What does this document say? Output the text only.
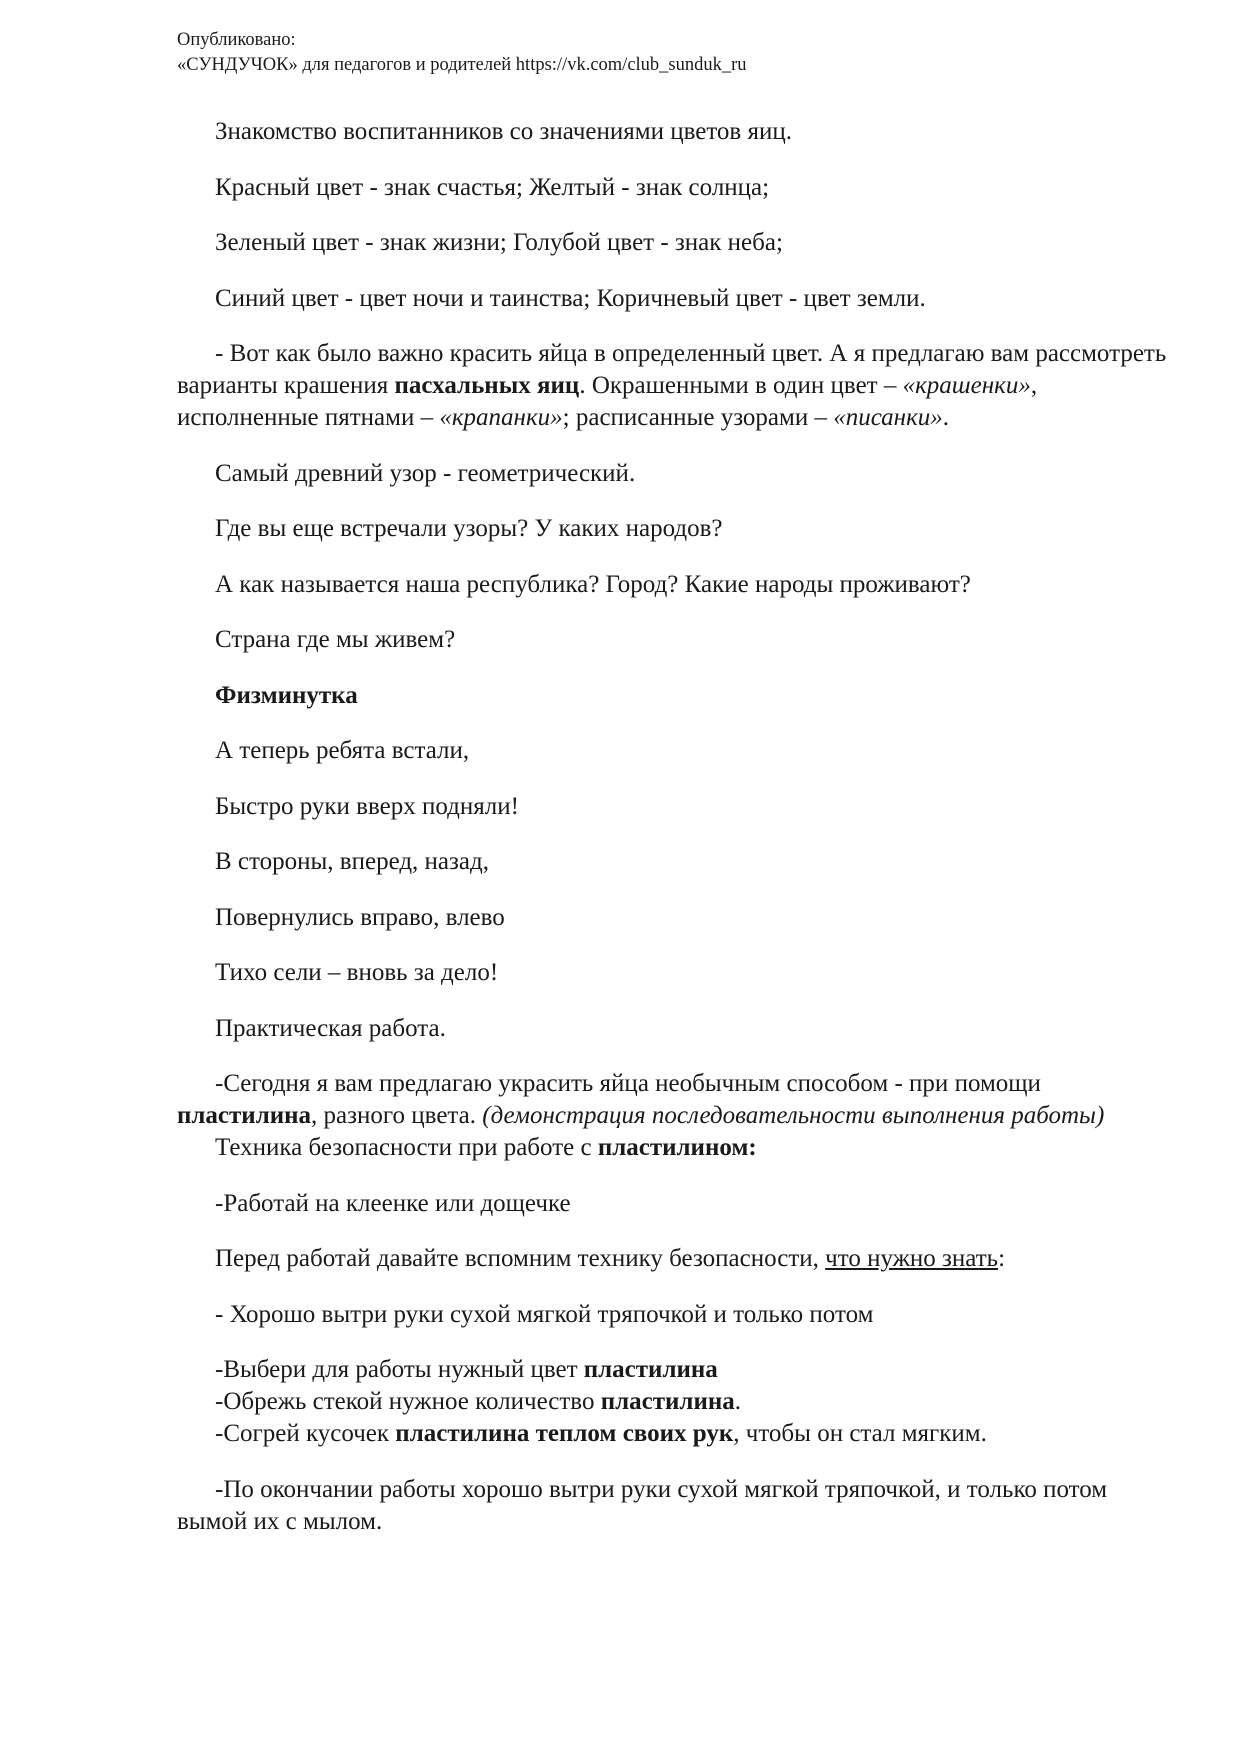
Опубликовано:
«СУНДУЧОК» для педагогов и родителей https://vk.com/club_sunduk_ru
Знакомство воспитанников со значениями цветов яиц.
Красный цвет - знак счастья; Желтый - знак солнца;
Зеленый цвет - знак жизни; Голубой цвет - знак неба;
Синий цвет - цвет ночи и таинства; Коричневый цвет - цвет земли.
- Вот как было важно красить яйца в определенный цвет. А я предлагаю вам рассмотреть варианты крашения пасхальных яиц. Окрашенными в один цвет – «крашенки», исполненные пятнами – «крапанки»; расписанные узорами – «писанки».
Самый древний узор - геометрический.
Где вы еще встречали узоры? У каких народов?
А как называется наша республика? Город? Какие народы проживают?
Страна где мы живем?
Физминутка
А теперь ребята встали,
Быстро руки вверх подняли!
В стороны, вперед, назад,
Повернулись вправо, влево
Тихо сели – вновь за дело!
Практическая работа.
-Сегодня я вам предлагаю украсить яйца необычным способом - при помощи пластилина, разного цвета. (демонстрация последовательности выполнения работы)
Техника безопасности при работе с пластилином:
-Работай на клеенке или дощечке
Перед работай давайте вспомним технику безопасности, что нужно знать:
- Хорошо вытри руки сухой мягкой тряпочкой и только потом
-Выбери для работы нужный цвет пластилина
-Обрежь стекой нужное количество пластилина.
-Согрей кусочек пластилина теплом своих рук, чтобы он стал мягким.
-По окончании работы хорошо вытри руки сухой мягкой тряпочкой, и только потом вымой их с мылом.
